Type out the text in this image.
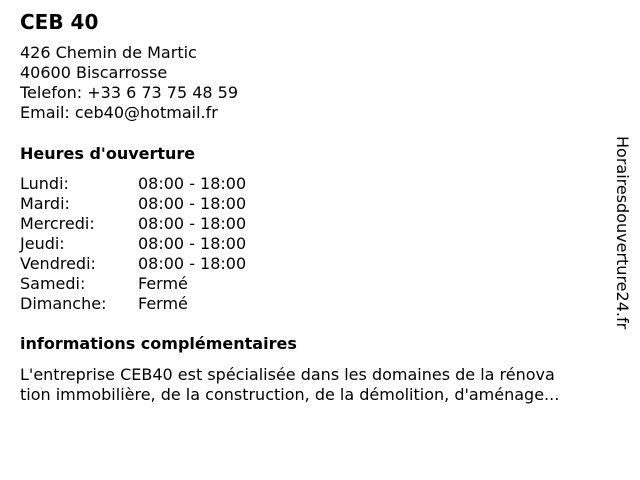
CEB 40
426 Chemin de Martic
40600 Biscarrosse
Telefon: +33 6 73 75 48 59
Email: ceb40@hotmail.fr
Heures d'ouverture
Lundi:	08:00 - 18:00
Mardi:	08:00 - 18:00
Mercredi:	08:00 - 18:00
Jeudi:	08:00 - 18:00
Vendredi:	08:00 - 18:00
Samedi:	Fermé
Dimanche:	Fermé
informations complémentaires
L'entreprise CEB40 est spécialisée dans les domaines de la rénova
tion immobilière, de la construction, de la démolition, d'aménage...
Horairesdouverture24.fr
